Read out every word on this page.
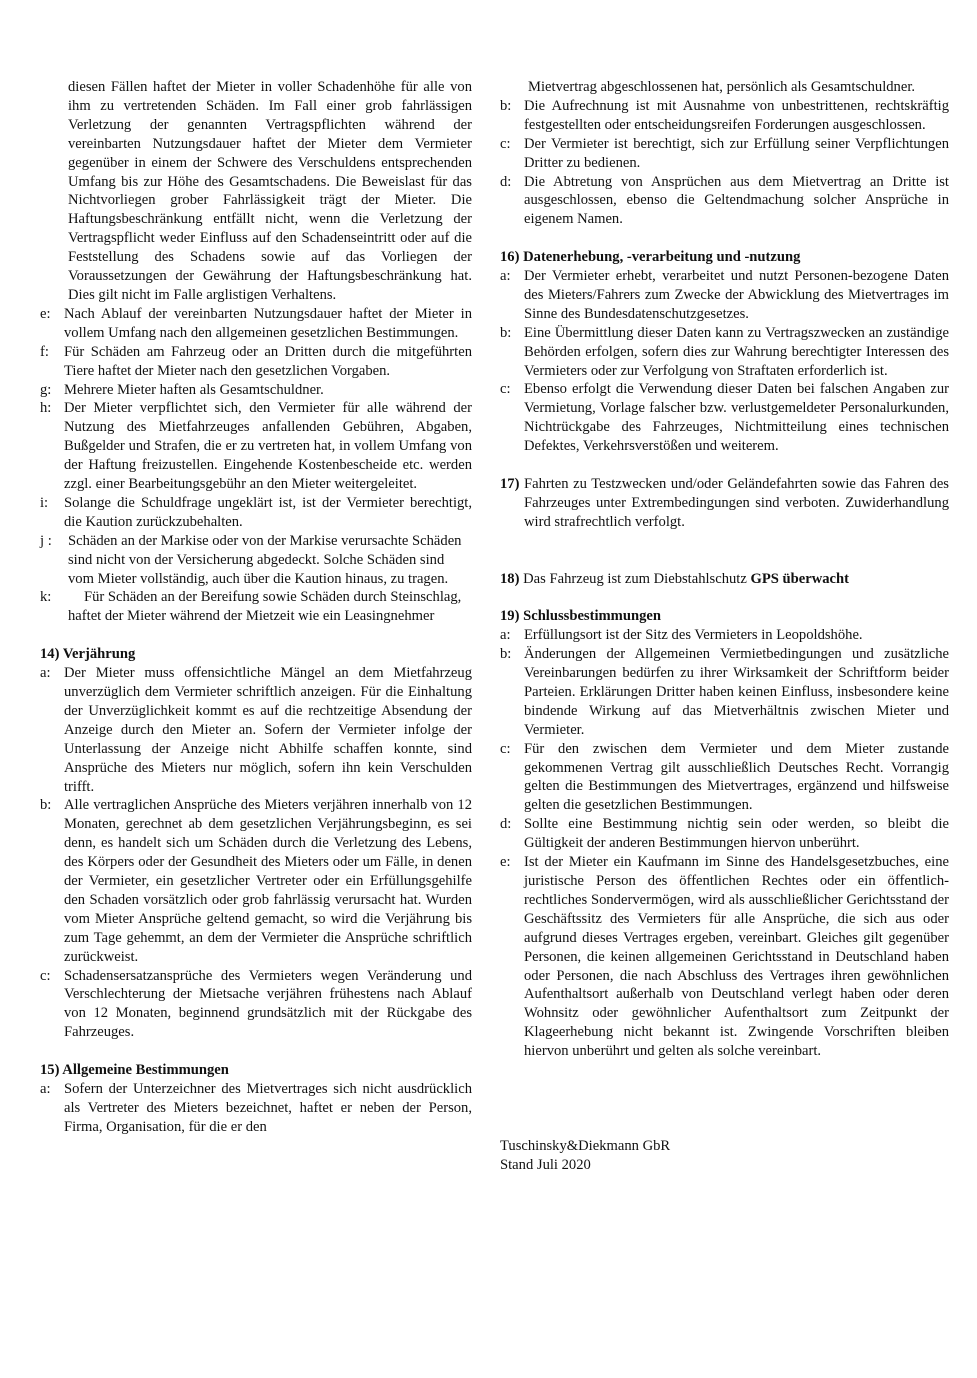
diesen Fällen haftet der Mieter in voller Schadenhöhe für alle von ihm zu vertretenden Schäden. Im Fall einer grob fahrlässigen Verletzung der genannten Vertragspflichten während der vereinbarten Nutzungsdauer haftet der Mieter dem Vermieter gegenüber in einem der Schwere des Verschuldens entsprechenden Umfang bis zur Höhe des Gesamtschadens. Die Beweislast für das Nichtvorliegen grober Fahrlässigkeit trägt der Mieter. Die Haftungsbeschränkung entfällt nicht, wenn die Verletzung der Vertragspflicht weder Einfluss auf den Schadenseintritt oder auf die Feststellung des Schadens sowie auf das Vorliegen der Voraussetzungen der Gewährung der Haftungsbeschränkung hat. Dies gilt nicht im Falle arglistigen Verhaltens.

e: Nach Ablauf der vereinbarten Nutzungsdauer haftet der Mieter in vollem Umfang nach den allgemeinen gesetzlichen Bestimmungen.
f:	Für Schäden am Fahrzeug oder an Dritten durch die mitgeführten Tiere haftet der Mieter nach den gesetzlichen Vorgaben.
g: Mehrere Mieter haften als Gesamtschuldner.
h: Der Mieter verpflichtet sich, den Vermieter für alle während der Nutzung des Mietfahrzeuges anfallenden Gebühren, Abgaben, Bußgelder und Strafen, die er zu vertreten hat, in vollem Umfang von der Haftung freizustellen. Eingehende Kostenbescheide etc. werden zzgl. einer Bearbeitungsgebühr an den Mieter weitergeleitet.
i:	Solange die Schuldfrage ungeklärt ist, ist der Vermieter berechtigt, die Kaution zurückzubehalten.
j :	Schäden an der Markise oder von der Markise verursachte Schäden

sind nicht von der Versicherung abgedeckt. Solche Schäden sind

vom Mieter vollständig, auch über die Kaution hinaus, zu tragen.

k:	Für Schäden an der Bereifung sowie Schäden durch Steinschlag,

haftet der Mieter während der Mietzeit wie ein Leasingnehmer

14) Verjährung

a: Der Mieter muss offensichtliche Mängel an dem Mietfahrzeug unverzüglich dem Vermieter schriftlich anzeigen. Für die Einhaltung der Unverzüglichkeit kommt es auf die rechtzeitige Absendung der Anzeige durch den Mieter an. Sofern der Vermieter infolge der Unterlassung der Anzeige nicht Abhilfe schaffen konnte, sind Ansprüche des Mieters nur möglich, sofern ihn kein Verschulden trifft.
b: Alle vertraglichen Ansprüche des Mieters verjähren innerhalb von 12 Monaten, gerechnet ab dem gesetzlichen Verjährungsbeginn, es sei denn, es handelt sich um Schäden durch die Verletzung des Lebens, des Körpers oder der Gesundheit des Mieters oder um Fälle, in denen der Vermieter, ein gesetzlicher Vertreter oder ein Erfüllungsgehilfe den Schaden vorsätzlich oder grob fahrlässig verursacht hat. Wurden vom Mieter Ansprüche geltend gemacht, so wird die Verjährung bis zum Tage gehemmt, an dem der Vermieter die Ansprüche schriftlich zurückweist.
c: Schadensersatzansprüche des Vermieters wegen Veränderung und Verschlechterung der Mietsache verjähren frühestens nach Ablauf von 12 Monaten, beginnend grundsätzlich mit der Rückgabe des Fahrzeuges.

15) Allgemeine Bestimmungen

a: Sofern der Unterzeichner des Mietvertrages sich nicht ausdrücklich als Vertreter des Mieters bezeichnet, haftet er neben der Person, Firma, Organisation, für die er den

Mietvertrag abgeschlossenen hat, persönlich als Gesamtschuldner.

b: Die Aufrechnung ist mit Ausnahme von unbestrittenen, rechtskräftig festgestellten oder entscheidungsreifen Forderungen ausgeschlossen.
c: Der Vermieter ist berechtigt, sich zur Erfüllung seiner Verpflichtungen Dritter zu bedienen.
d: Die Abtretung von Ansprüchen aus dem Mietvertrag an Dritte ist ausgeschlossen, ebenso die Geltendmachung solcher Ansprüche in eigenem Namen.

16) Datenerhebung, -verarbeitung und -nutzung

a: Der Vermieter erhebt, verarbeitet und nutzt Personen-bezogene Daten des Mieters/Fahrers zum Zwecke der Abwicklung des Mietvertrages im Sinne des Bundesdatenschutzgesetzes.
b: Eine Übermittlung dieser Daten kann zu Vertragszwecken an zuständige Behörden erfolgen, sofern dies zur Wahrung berechtigter Interessen des Vermieters oder zur Verfolgung von Straftaten erforderlich ist.
c: Ebenso erfolgt die Verwendung dieser Daten bei falschen Angaben zur Vermietung, Vorlage falscher bzw. verlustgemeldeter Personalurkunden, Nichtrückgabe des Fahrzeuges, Nichtmitteilung eines technischen Defektes, Verkehrsverstößen und weiterem.
17) Fahrten zu Testzwecken und/oder Geländefahrten sowie das Fahren des Fahrzeuges unter Extrembedingungen sind verboten. Zuwiderhandlung wird strafrechtlich verfolgt.

18) Das Fahrzeug ist zum Diebstahlschutz GPS überwacht

19) Schlussbestimmungen

a: Erfüllungsort ist der Sitz des Vermieters in Leopoldshöhe.
b: Änderungen der Allgemeinen Vermietbedingungen und zusätzliche Vereinbarungen bedürfen zu ihrer Wirksamkeit der Schriftform beider Parteien. Erklärungen Dritter haben keinen Einfluss, insbesondere keine bindende Wirkung auf das Mietverhältnis zwischen Mieter und Vermieter.
c: Für den zwischen dem Vermieter und dem Mieter zustande gekommenen Vertrag gilt ausschließlich Deutsches Recht. Vorrangig gelten die Bestimmungen des Mietvertrages, ergänzend und hilfsweise gelten die gesetzlichen Bestimmungen.
d: Sollte eine Bestimmung nichtig sein oder werden, so bleibt die Gültigkeit der anderen Bestimmungen hiervon unberührt.
e: Ist der Mieter ein Kaufmann im Sinne des Handelsgesetzbuches, eine juristische Person des öffentlichen Rechtes oder ein öffentlich-rechtliches Sondervermögen, wird als ausschließlicher Gerichtsstand der Geschäftssitz des Vermieters für alle Ansprüche, die sich aus oder aufgrund dieses Vertrages ergeben, vereinbart. Gleiches gilt gegenüber Personen, die keinen allgemeinen Gerichtsstand in Deutschland haben oder Personen, die nach Abschluss des Vertrages ihren gewöhnlichen Aufenthaltsort außerhalb von Deutschland verlegt haben oder deren Wohnsitz oder gewöhnlicher Aufenthaltsort zum Zeitpunkt der Klageerhebung nicht bekannt ist. Zwingende Vorschriften bleiben hiervon unberührt und gelten als solche vereinbart.

Tuschinsky&Diekmann GbR

Stand Juli 2020
